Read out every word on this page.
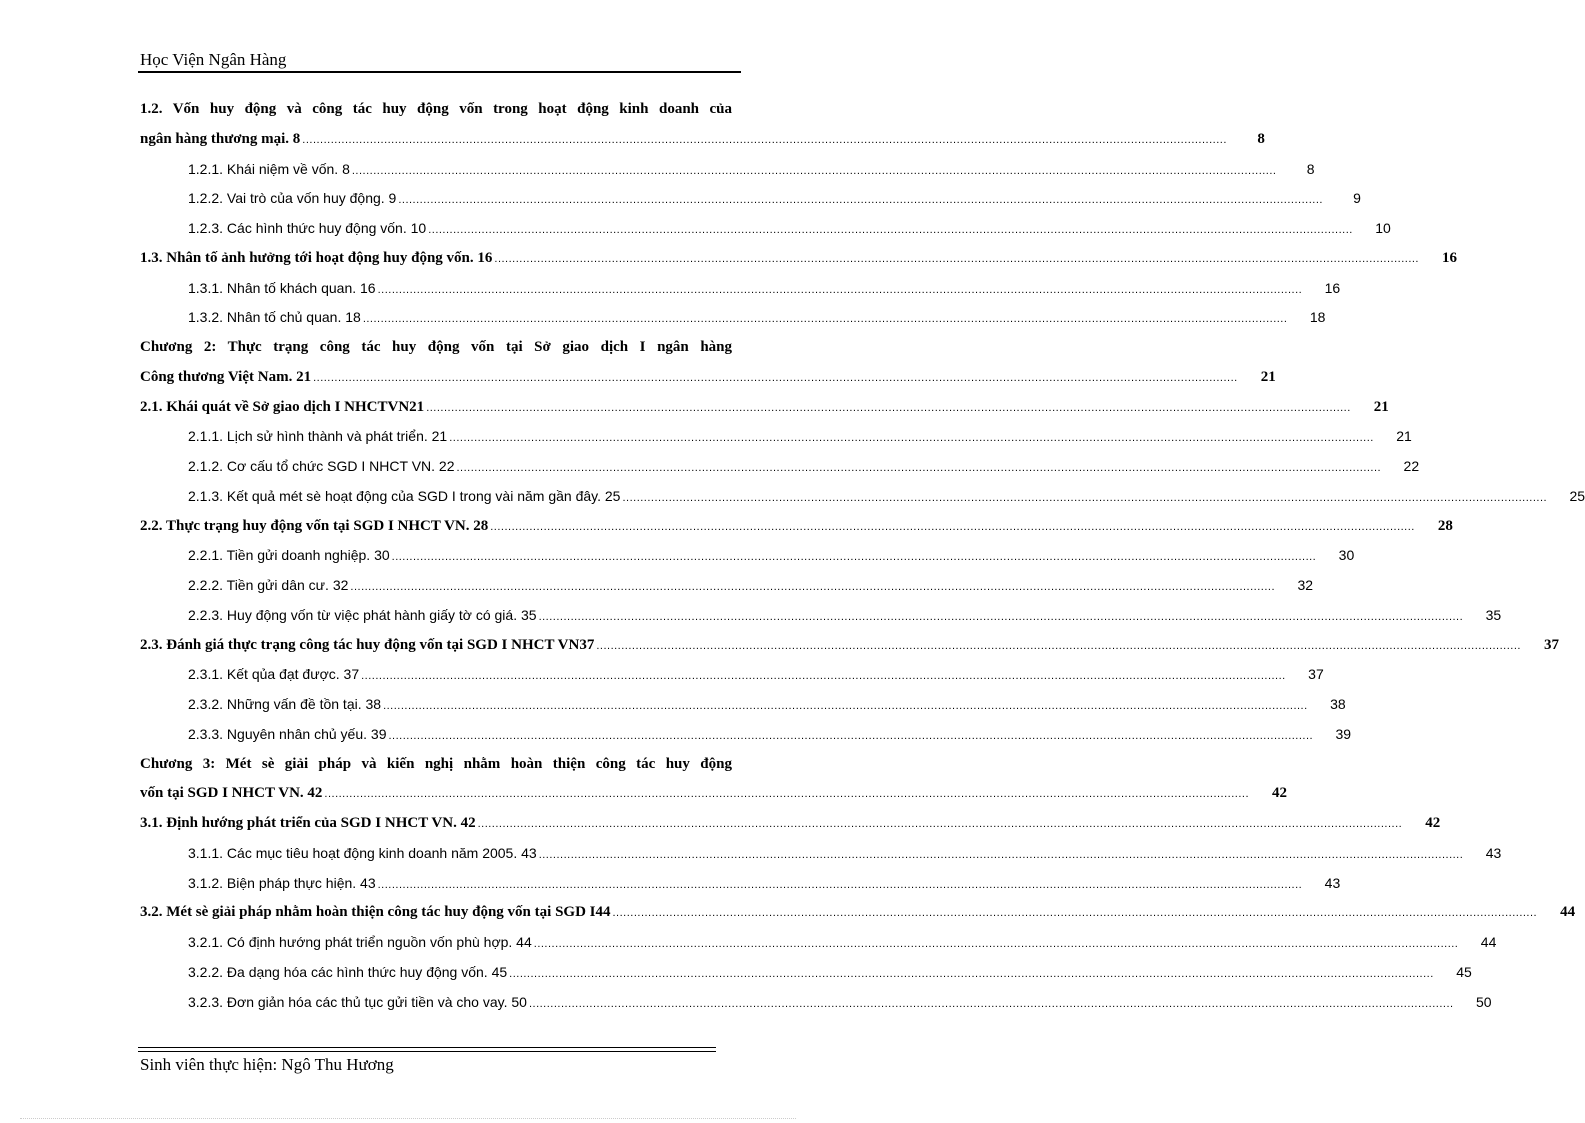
Học Viện Ngân Hàng
1.2. Vốn huy động và công tác huy động vốn trong hoạt động kinh doanh của
ngân hàng thương mại. 8 ....................................................................................................................................................................................................................................................................	8
1.2.1. Khái niệm về vốn. 8 ....................................................................................................................................................................................................................................................................	8
1.2.2. Vai trò của vốn huy động. 9 ....................................................................................................................................................................................................................................................................	9
1.2.3. Các hình thức huy động vốn. 10 ....................................................................................................................................................................................................................................................................	10
1.3. Nhân tố ảnh hưởng tới hoạt động huy động vốn. 16 ....................................................................................................................................................................................................................................................................	16
1.3.1. Nhân tố khách quan. 16 ....................................................................................................................................................................................................................................................................	16
1.3.2. Nhân tố chủ quan. 18 ....................................................................................................................................................................................................................................................................	18
Chương 2: Thực trạng công tác huy động vốn tại Sở giao dịch I ngân hàng
Công thương Việt Nam. 21 ....................................................................................................................................................................................................................................................................	21
2.1. Khái quát về Sở giao dịch I NHCTVN21 ....................................................................................................................................................................................................................................................................	21
2.1.1. Lịch sử hình thành và phát triển. 21 ....................................................................................................................................................................................................................................................................	21
2.1.2. Cơ cấu tổ chức SGD I NHCT VN. 22 ....................................................................................................................................................................................................................................................................	22
2.1.3. Kết quả mét sè hoạt động của SGD I trong vài năm gần đây. 25 ....................................................................................................................................................................................................................................................................	25
2.2. Thực trạng huy động vốn tại SGD I NHCT VN. 28 ....................................................................................................................................................................................................................................................................	28
2.2.1. Tiền gửi doanh nghiệp. 30 ....................................................................................................................................................................................................................................................................	30
2.2.2. Tiền gửi dân cư. 32 ....................................................................................................................................................................................................................................................................	32
2.2.3. Huy động vốn từ việc phát hành giấy tờ có giá. 35 ....................................................................................................................................................................................................................................................................	35
2.3. Đánh giá thực trạng công tác huy động vốn tại SGD I NHCT VN37 ....................................................................................................................................................................................................................................................................	37
2.3.1. Kết qủa đạt được. 37 ....................................................................................................................................................................................................................................................................	37
2.3.2. Những vấn đề tồn tại. 38 ....................................................................................................................................................................................................................................................................	38
2.3.3. Nguyên nhân chủ yếu. 39 ....................................................................................................................................................................................................................................................................	39
Chương 3: Mét sè giải pháp và kiến nghị nhằm hoàn thiện công tác huy động
vốn tại SGD I NHCT VN. 42 ....................................................................................................................................................................................................................................................................	42
3.1. Định hướng phát triển của SGD I NHCT VN. 42 ....................................................................................................................................................................................................................................................................	42
3.1.1. Các mục tiêu hoạt động kinh doanh năm 2005. 43 ....................................................................................................................................................................................................................................................................	43
3.1.2. Biện pháp thực hiện. 43 ....................................................................................................................................................................................................................................................................	43
3.2. Mét sè giải pháp nhằm hoàn thiện công tác huy động vốn tại SGD I44 ....................................................................................................................................................................................................................................................................	44
3.2.1. Có định hướng phát triển nguồn vốn phù hợp. 44 ....................................................................................................................................................................................................................................................................	44
3.2.2. Đa dạng hóa các hình thức huy động vốn. 45 ....................................................................................................................................................................................................................................................................	45
3.2.3. Đơn giản hóa các thủ tục gửi tiền và cho vay. 50 ....................................................................................................................................................................................................................................................................	50
Sinh viên thực hiện: Ngô Thu Hương
